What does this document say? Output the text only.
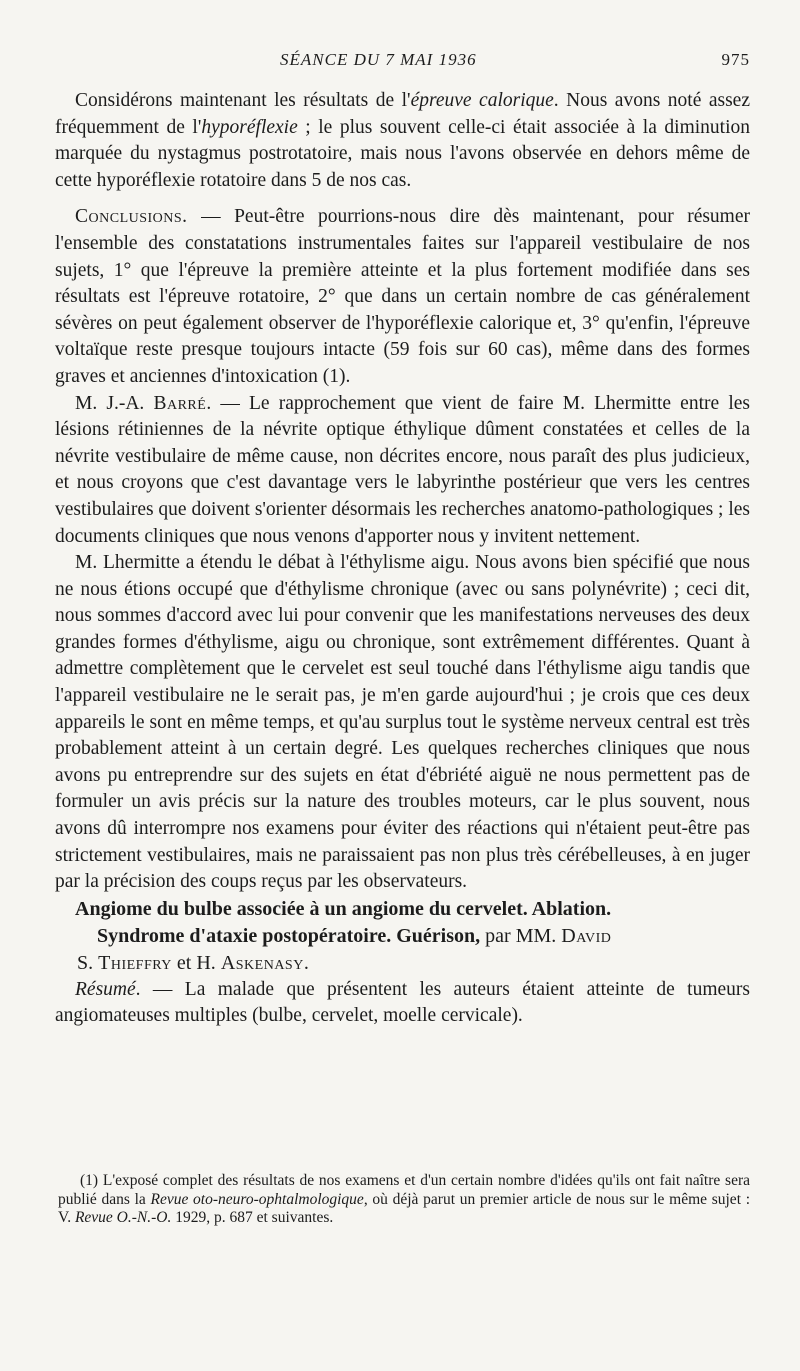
SÉANCE DU 7 MAI 1936	975

Considérons maintenant les résultats de l'épreuve calorique. Nous avons noté assez fréquemment de l'hyporéflexie ; le plus souvent celle-ci était associée à la diminution marquée du nystagmus postrotatoire, mais nous l'avons observée en dehors même de cette hyporéflexie rotatoire dans 5 de nos cas.

Conclusions. — Peut-être pourrions-nous dire dès maintenant, pour résumer l'ensemble des constatations instrumentales faites sur l'appareil vestibulaire de nos sujets, 1° que l'épreuve la première atteinte et la plus fortement modifiée dans ses résultats est l'épreuve rotatoire, 2° que dans un certain nombre de cas généralement sévères on peut également observer de l'hyporéflexie calorique et, 3° qu'enfin, l'épreuve voltaïque reste presque toujours intacte (59 fois sur 60 cas), même dans des formes graves et anciennes d'intoxication (1).

M. J.-A. Barré. — Le rapprochement que vient de faire M. Lhermitte entre les lésions rétiniennes de la névrite optique éthylique dûment constatées et celles de la névrite vestibulaire de même cause, non décrites encore, nous paraît des plus judicieux, et nous croyons que c'est davantage vers le labyrinthe postérieur que vers les centres vestibulaires que doivent s'orienter désormais les recherches anatomo-pathologiques ; les documents cliniques que nous venons d'apporter nous y invitent nettement.

M. Lhermitte a étendu le débat à l'éthylisme aigu. Nous avons bien spécifié que nous ne nous étions occupé que d'éthylisme chronique (avec ou sans polynévrite) ; ceci dit, nous sommes d'accord avec lui pour convenir que les manifestations nerveuses des deux grandes formes d'éthylisme, aigu ou chronique, sont extrêmement différentes. Quant à admettre complètement que le cervelet est seul touché dans l'éthylisme aigu tandis que l'appareil vestibulaire ne le serait pas, je m'en garde aujourd'hui ; je crois que ces deux appareils le sont en même temps, et qu'au surplus tout le système nerveux central est très probablement atteint à un certain degré. Les quelques recherches cliniques que nous avons pu entreprendre sur des sujets en état d'ébriété aiguë ne nous permettent pas de formuler un avis précis sur la nature des troubles moteurs, car le plus souvent, nous avons dû interrompre nos examens pour éviter des réactions qui n'étaient peut-être pas strictement vestibulaires, mais ne paraissaient pas non plus très cérébelleuses, à en juger par la précision des coups reçus par les observateurs.

Angiome du bulbe associée à un angiome du cervelet. Ablation.
Syndrome d'ataxie postopératoire. Guérison, par MM. David
S. Thieffry et H. Askenasy.

Résumé. — La malade que présentent les auteurs étaient atteinte de tumeurs angiomateuses multiples (bulbe, cervelet, moelle cervicale).

(1) L'exposé complet des résultats de nos examens et d'un certain nombre d'idées qu'ils ont fait naître sera publié dans la Revue oto-neuro-ophtalmologique, où déjà parut un premier article de nous sur le même sujet : V. Revue O.-N.-O. 1929, p. 687 et suivantes.
